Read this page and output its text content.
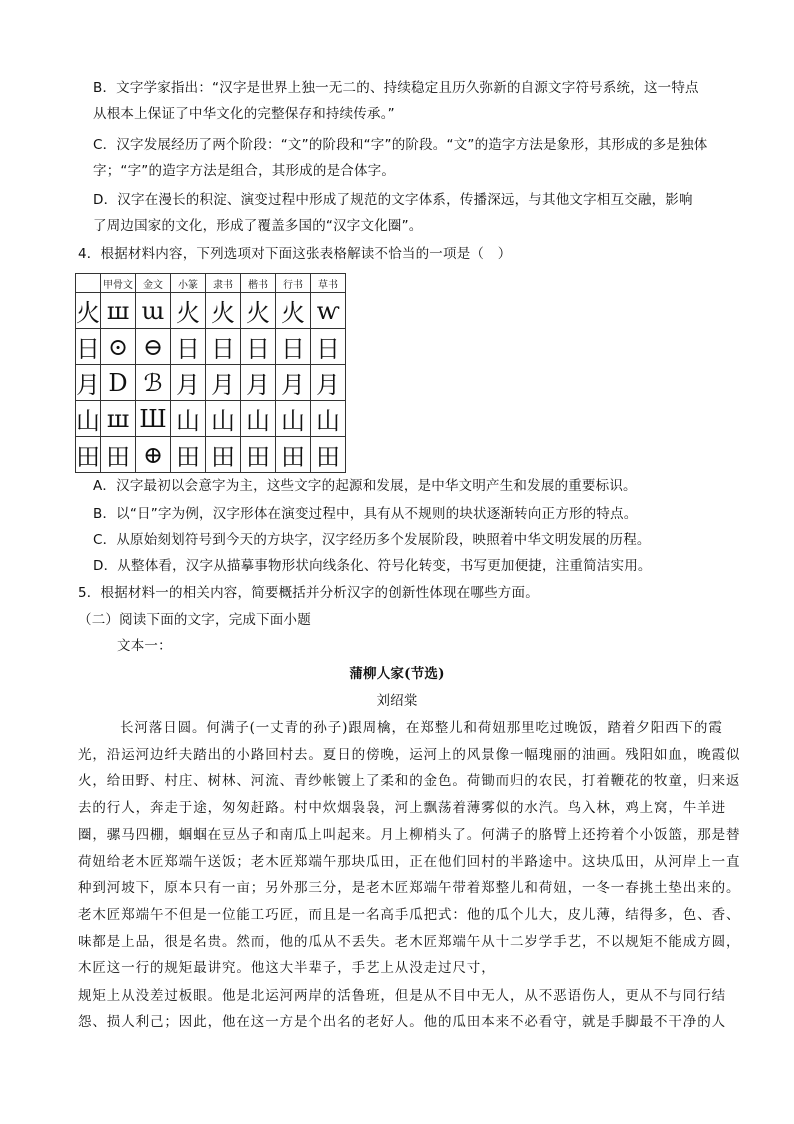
B．文字学家指出：“汉字是世界上独一无二的、持续稳定且历久弥新的自源文字符号系统，这一特点
从根本上保证了中华文化的完整保存和持续传承。”
C．汉字发展经历了两个阶段：“文”的阶段和“字”的阶段。“文”的造字方法是象形，其形成的多是独体
字；“字”的造字方法是组合，其形成的是合体字。
D．汉字在漫长的积淀、演变过程中形成了规范的文字体系，传播深远，与其他文字相互交融，影响
了周边国家的文化，形成了覆盖多国的“汉字文化圈”。
4．根据材料内容，下列选项对下面这张表格解读不恰当的一项是（　）
	甲骨文	金文	小篆	隶书	楷书	行书	草书
火	ш	ɯ	火	火	火	火	ⱳ
日	⊙	⊖	日	日	日	日	日
月	D	ℬ	月	月	月	月	月
山	ш	Ш	山	山	山	山	山
田	田	⊕	田	田	田	田	田
A．汉字最初以会意字为主，这些文字的起源和发展，是中华文明产生和发展的重要标识。
B．以“日”字为例，汉字形体在演变过程中，具有从不规则的块状逐渐转向正方形的特点。
C．从原始刻划符号到今天的方块字，汉字经历多个发展阶段，映照着中华文明发展的历程。
D．从整体看，汉字从描摹事物形状向线条化、符号化转变，书写更加便捷，注重简洁实用。
5．根据材料一的相关内容，简要概括并分析汉字的创新性体现在哪些方面。
（二）阅读下面的文字，完成下面小题
文本一：
蒲柳人家(节选)
刘绍棠
长河落日圆。何满子(一丈青的孙子)跟周檎，在郑整儿和荷妞那里吃过晚饭，踏着夕阳西下的霞
光，沿运河边纤夫踏出的小路回村去。夏日的傍晚，运河上的风景像一幅瑰丽的油画。残阳如血，晚霞似
火，给田野、村庄、树林、河流、青纱帐镀上了柔和的金色。荷锄而归的农民，打着鞭花的牧童，归来返
去的行人，奔走于途，匆匆赶路。村中炊烟袅袅，河上飘荡着薄雾似的水汽。鸟入林，鸡上窝，牛羊进
圈，骡马四棚，蝈蝈在豆丛子和南瓜上叫起来。月上柳梢头了。何满子的胳臂上还挎着个小饭篮，那是替
荷妞给老木匠郑端午送饭；老木匠郑端午那块瓜田，正在他们回村的半路途中。这块瓜田，从河岸上一直
种到河坡下，原本只有一亩；另外那三分，是老木匠郑端午带着郑整儿和荷妞，一冬一春挑土垫出来的。
老木匠郑端午不但是一位能工巧匠，而且是一名高手瓜把式：他的瓜个儿大，皮儿薄，结得多，色、香、
味都是上品，很是名贵。然而，他的瓜从不丢失。老木匠郑端午从十二岁学手艺，不以规矩不能成方圆，
木匠这一行的规矩最讲究。他这大半辈子，手艺上从没走过尺寸，
规矩上从没差过板眼。他是北运河两岸的活鲁班，但是从不目中无人，从不恶语伤人，更从不与同行结
怨、损人利己；因此，他在这一方是个出名的老好人。他的瓜田本来不必看守，就是手脚最不干净的人
